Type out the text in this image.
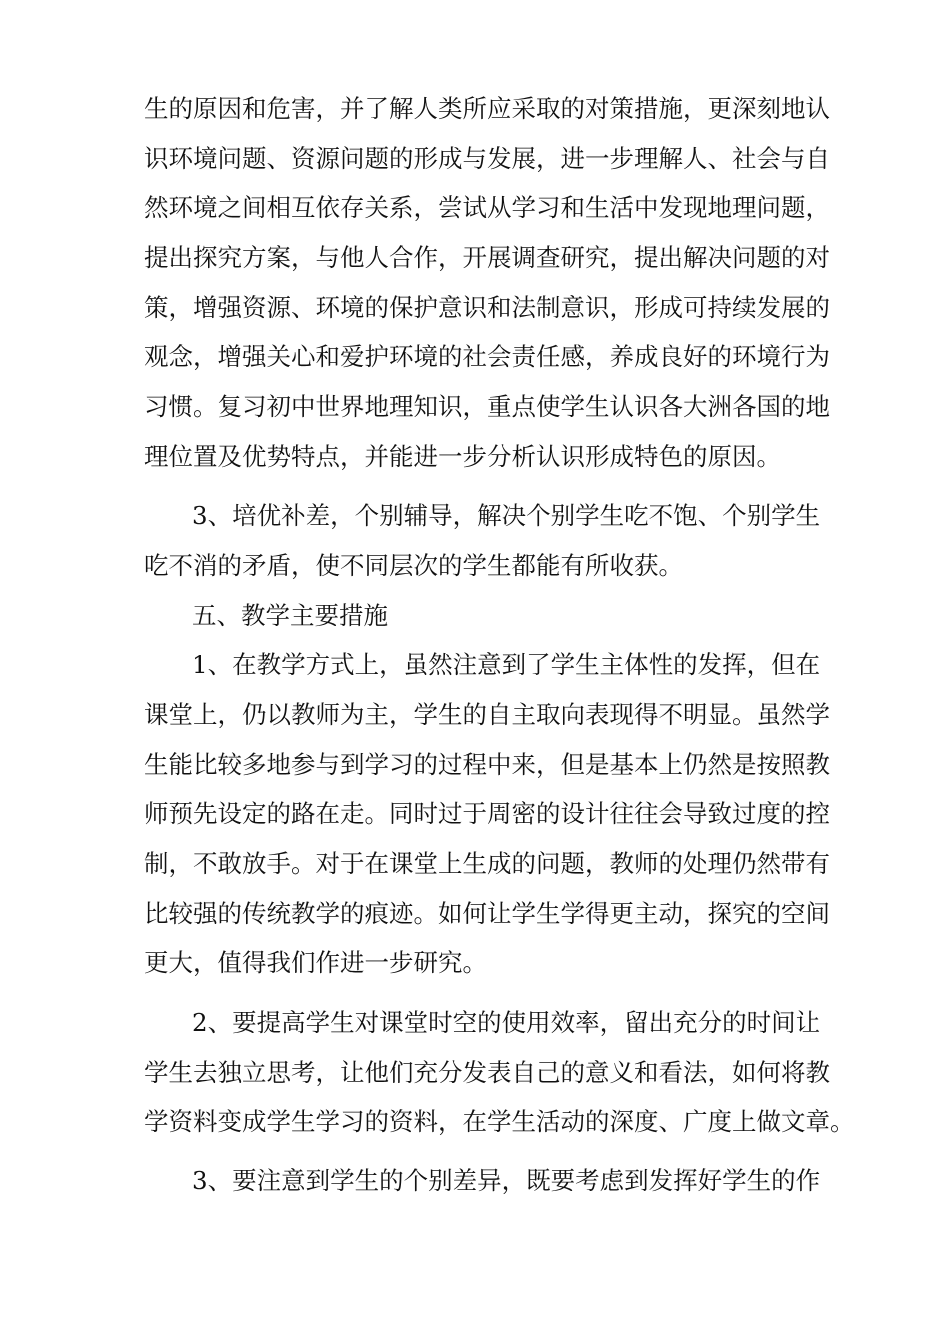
生的原因和危害，并了解人类所应采取的对策措施，更深刻地认
识环境问题、资源问题的形成与发展，进一步理解人、社会与自
然环境之间相互依存关系，尝试从学习和生活中发现地理问题，
提出探究方案，与他人合作，开展调查研究，提出解决问题的对
策，增强资源、环境的保护意识和法制意识，形成可持续发展的
观念，增强关心和爱护环境的社会责任感，养成良好的环境行为
习惯。复习初中世界地理知识，重点使学生认识各大洲各国的地
理位置及优势特点，并能进一步分析认识形成特色的原因。
3、培优补差，个别辅导，解决个别学生吃不饱、个别学生
吃不消的矛盾，使不同层次的学生都能有所收获。
五、教学主要措施
1、在教学方式上，虽然注意到了学生主体性的发挥，但在
课堂上，仍以教师为主，学生的自主取向表现得不明显。虽然学
生能比较多地参与到学习的过程中来，但是基本上仍然是按照教
师预先设定的路在走。同时过于周密的设计往往会导致过度的控
制，不敢放手。对于在课堂上生成的问题，教师的处理仍然带有
比较强的传统教学的痕迹。如何让学生学得更主动，探究的空间
更大，值得我们作进一步研究。
2、要提高学生对课堂时空的使用效率，留出充分的时间让
学生去独立思考，让他们充分发表自己的意义和看法，如何将教
学资料变成学生学习的资料，在学生活动的深度、广度上做文章。
3、要注意到学生的个别差异，既要考虑到发挥好学生的作
